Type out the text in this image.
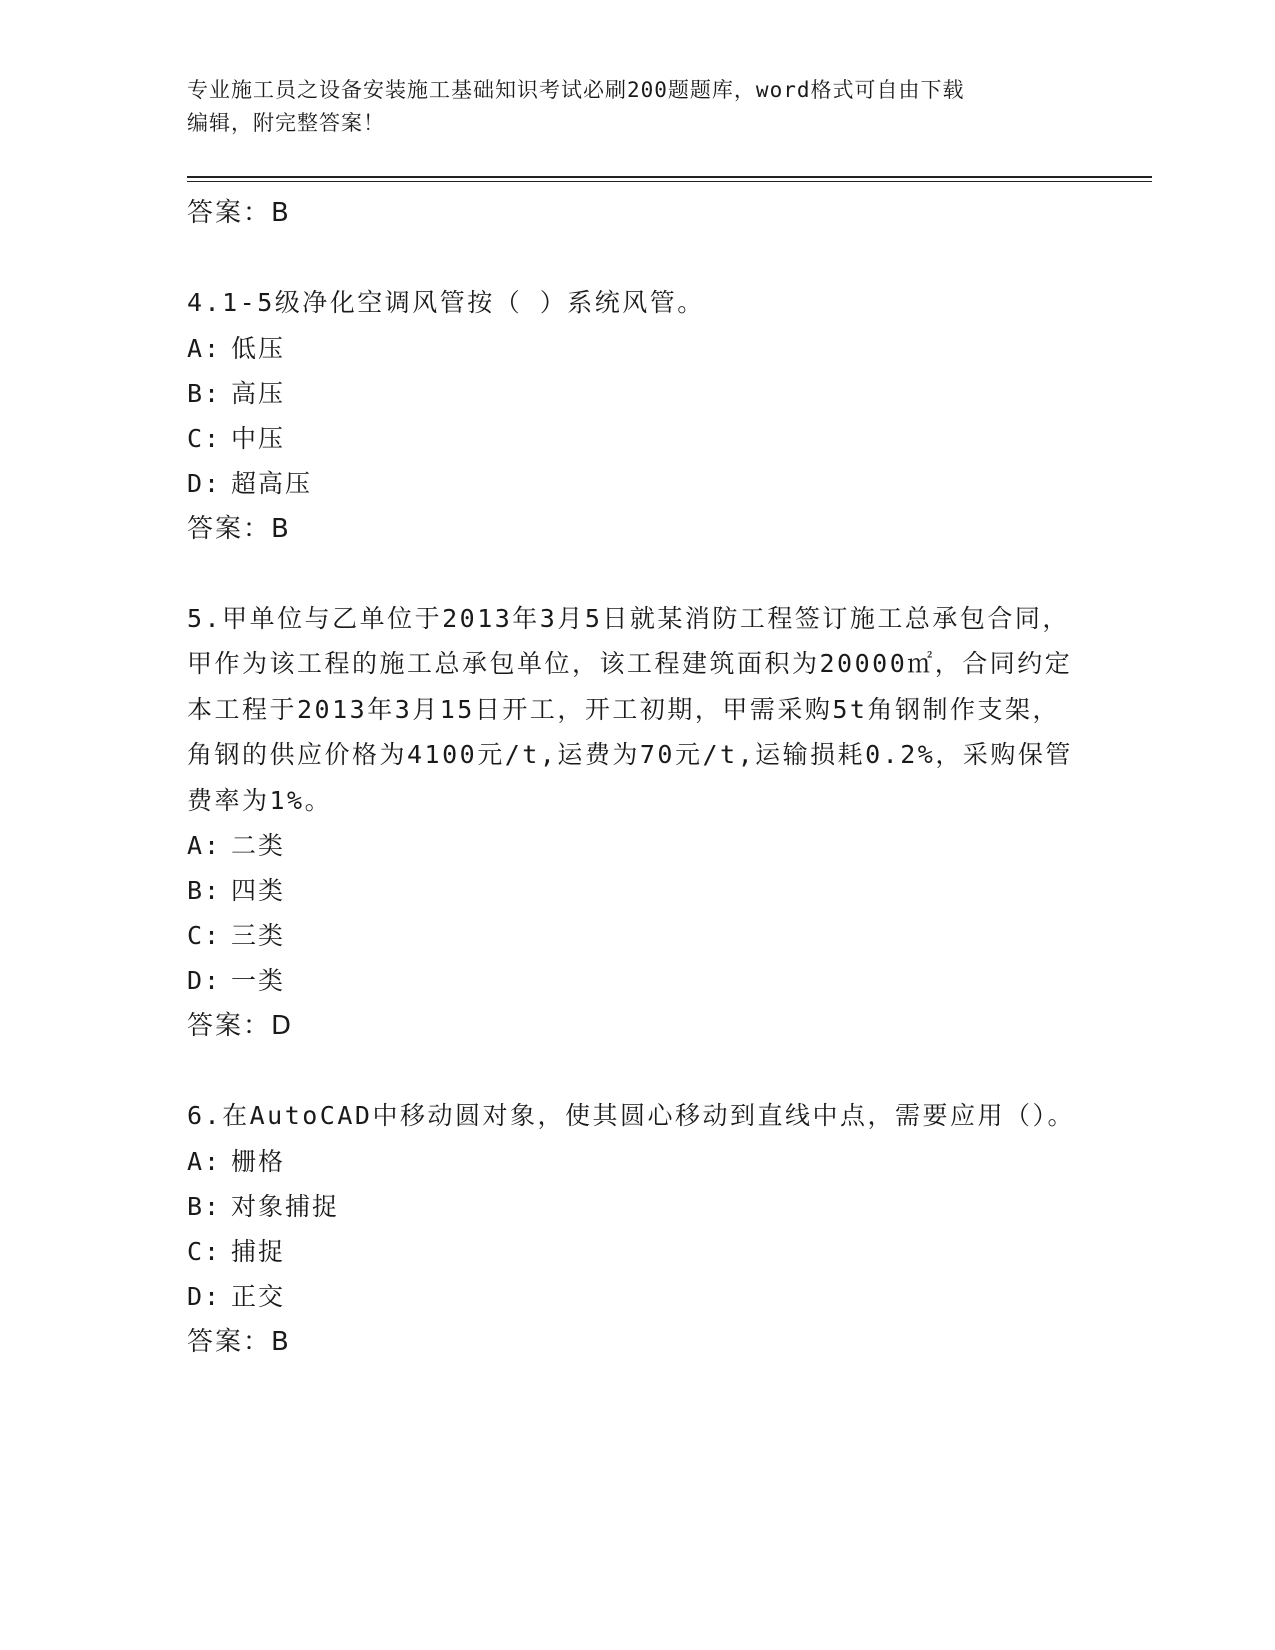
专业施工员之设备安装施工基础知识考试必刷200题题库，word格式可自由下载
编辑，附完整答案！
答案：B
4.1-5级净化空调风管按（ ）系统风管。
A: 低压
B: 高压
C: 中压
D: 超高压
答案：B
5.甲单位与乙单位于2013年3月5日就某消防工程签订施工总承包合同，甲作为该工程的施工总承包单位，该工程建筑面积为20000㎡，合同约定本工程于2013年3月15日开工，开工初期，甲需采购5t角钢制作支架，角钢的供应价格为4100元/t,运费为70元/t,运输损耗0.2%，采购保管费率为1%。
A: 二类
B: 四类
C: 三类
D: 一类
答案：D
6.在AutoCAD中移动圆对象，使其圆心移动到直线中点，需要应用（）。
A: 栅格
B: 对象捕捉
C: 捕捉
D: 正交
答案：B
